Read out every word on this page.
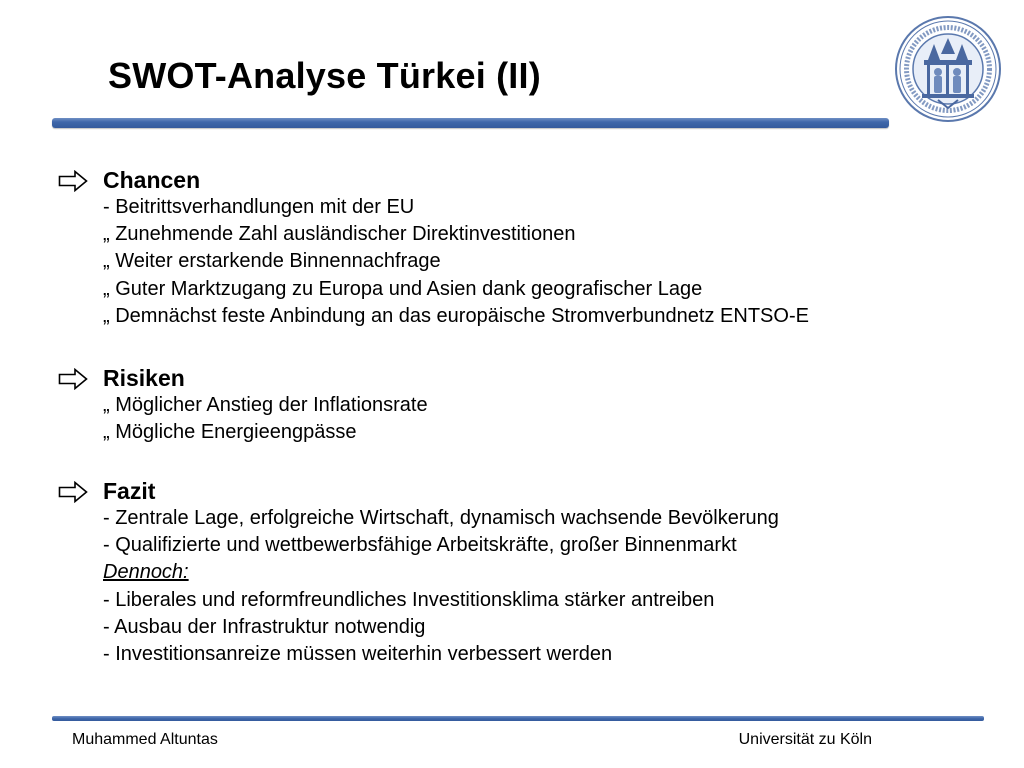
SWOT-Analyse Türkei (II)
Chancen
- Beitrittsverhandlungen mit der EU
„ Zunehmende Zahl ausländischer Direktinvestitionen
„ Weiter erstarkende Binnennachfrage
„ Guter Marktzugang zu Europa und Asien dank geografischer Lage
„ Demnächst feste Anbindung an das europäische Stromverbundnetz ENTSO-E
Risiken
„ Möglicher Anstieg der Inflationsrate
„ Mögliche Energieengpässe
Fazit
- Zentrale Lage, erfolgreiche Wirtschaft, dynamisch wachsende Bevölkerung
- Qualifizierte und wettbewerbsfähige Arbeitskräfte, großer Binnenmarkt
Dennoch:
- Liberales und reformfreundliches Investitionsklima stärker antreiben
- Ausbau der Infrastruktur notwendig
- Investitionsanreize müssen weiterhin verbessert werden
Muhammed Altuntas	Universität zu Köln
